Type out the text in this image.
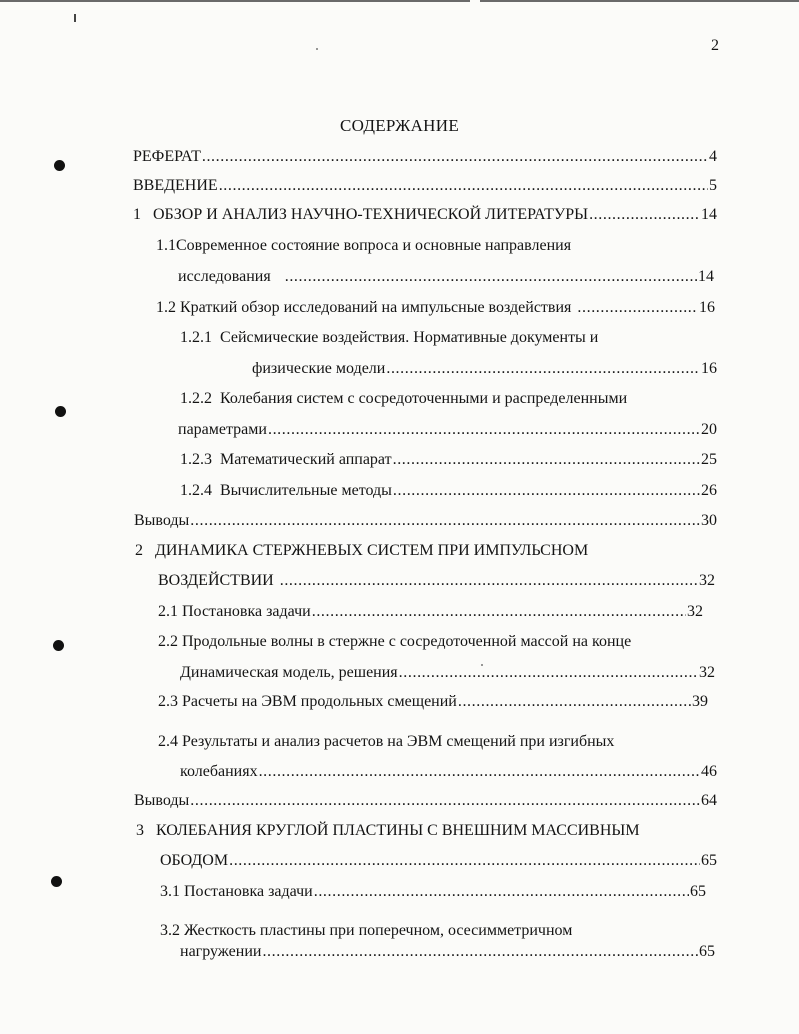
2
СОДЕРЖАНИЕ
РЕФЕРАТ .....	4
ВВЕДЕНИЕ .....	5
1   ОБЗОР И АНАЛИЗ НАУЧНО-ТЕХНИЧЕСКОЙ ЛИТЕРАТУРЫ .....	14
1.1Современное состояние вопроса и основные направления
исследования .....	14
1.2 Краткий обзор исследований на импульсные воздействия .....	16
1.2.1  Сейсмические воздействия. Нормативные документы и
физические модели .....	16
1.2.2  Колебания систем с сосредоточенными и распределенными
параметрами .....	20
1.2.3  Математический аппарат .....	25
1.2.4  Вычислительные методы .....	26
Выводы .....	30
2   ДИНАМИКА СТЕРЖНЕВЫХ СИСТЕМ ПРИ ИМПУЛЬСНОМ
ВОЗДЕЙСТВИИ .....	32
2.1 Постановка задачи .....	32
2.2 Продольные волны в стержне с сосредоточенной массой на конце
Динамическая модель, решения .....	32
2.3 Расчеты на ЭВМ продольных смещений .....	39
2.4 Результаты и анализ расчетов на ЭВМ смещений при изгибных
колебаниях .....	46
Выводы .....	64
3   КОЛЕБАНИЯ КРУГЛОЙ ПЛАСТИНЫ С ВНЕШНИМ МАССИВНЫМ
ОБОДОМ .....	65
3.1 Постановка задачи .....	65
3.2 Жесткость пластины при поперечном, осесимметричном
нагружении .....	65
